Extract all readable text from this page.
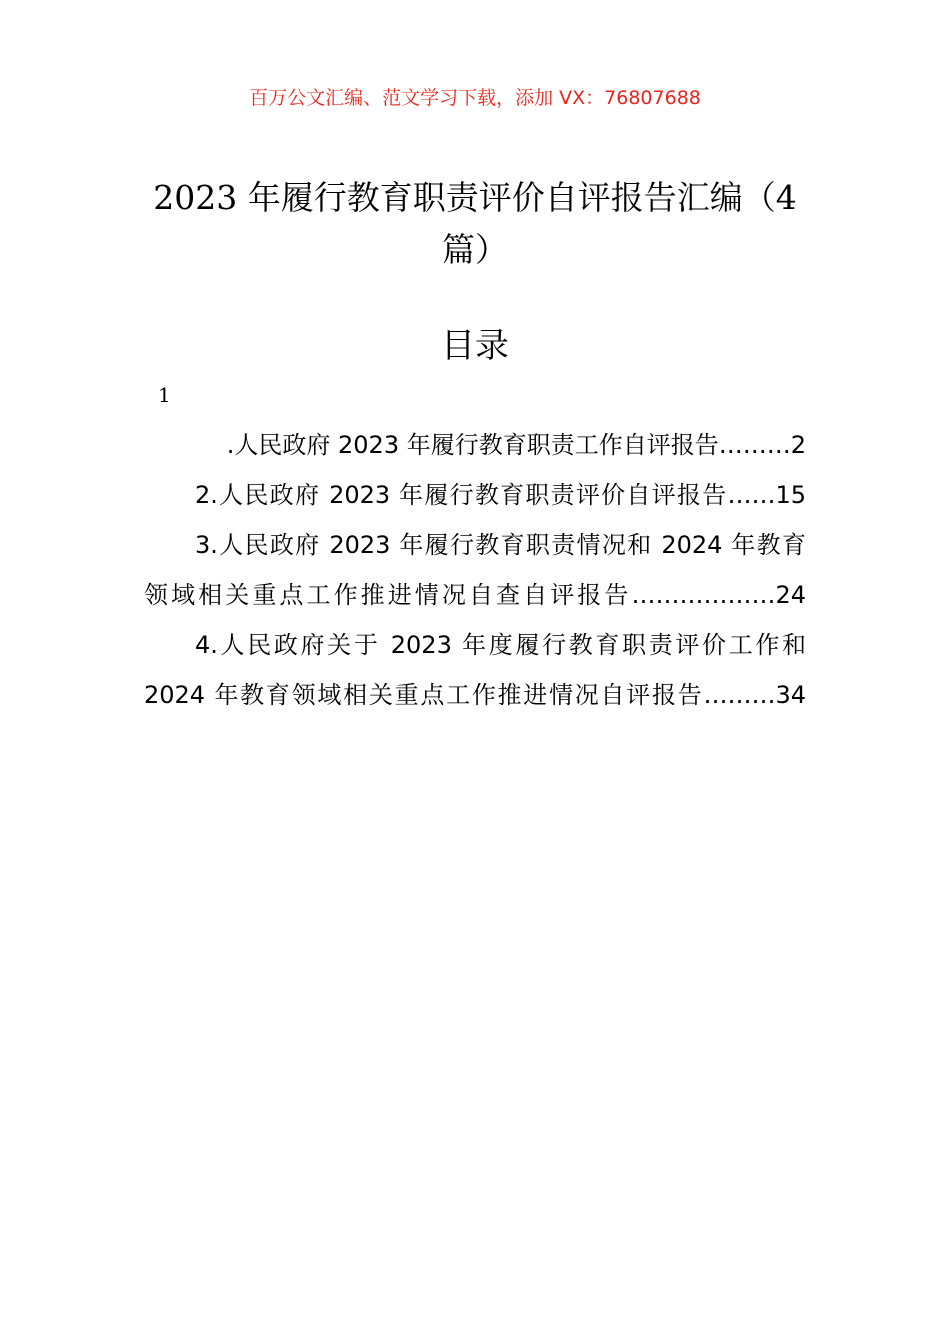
百万公文汇编、范文学习下载，添加 VX：76807688
2023 年履行教育职责评价自评报告汇编（4 篇）
目录
1
.人民政府 2023 年履行教育职责工作自评报告………2
2.人民政府 2023 年履行教育职责评价自评报告……15
3.人民政府 2023 年履行教育职责情况和 2024 年教育
领域相关重点工作推进情况自查自评报告………………24
4.人民政府关于 2023 年度履行教育职责评价工作和
2024 年教育领域相关重点工作推进情况自评报告………34
